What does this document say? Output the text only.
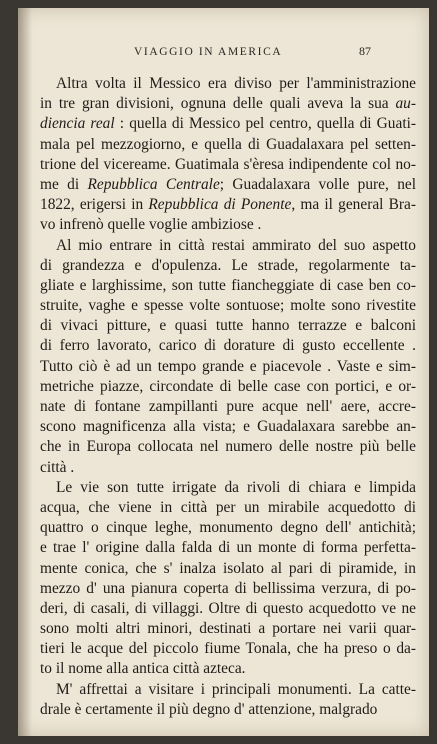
VIAGGIO IN AMERICA	87
Altra volta il Messico era diviso per l'amministrazione
in tre gran divisioni, ognuna delle quali aveva la sua au-
diencia real : quella di Messico pel centro, quella di Guati-
mala pel mezzogiorno, e quella di Guadalaxara pel setten-
trione del vicereame. Guatimala s'èresa indipendente col no-
me di Repubblica Centrale; Guadalaxara volle pure, nel
1822, erigersi in Repubblica di Ponente, ma il general Bra-
vo infrenò quelle voglie ambiziose .
Al mio entrare in città restai ammirato del suo aspetto
di grandezza e d'opulenza. Le strade, regolarmente ta-
gliate e larghissime, son tutte fiancheggiate di case ben co-
struite, vaghe e spesse volte sontuose; molte sono rivestite
di vivaci pitture, e quasi tutte hanno terrazze e balconi
di ferro lavorato, carico di dorature di gusto eccellente .
Tutto ciò è ad un tempo grande e piacevole . Vaste e sim-
metriche piazze, circondate di belle case con portici, e or-
nate di fontane zampillanti pure acque nell' aere, accre-
scono magnificenza alla vista; e Guadalaxara sarebbe an-
che in Europa collocata nel numero delle nostre più belle
città .
Le vie son tutte irrigate da rivoli di chiara e limpida
acqua, che viene in città per un mirabile acquedotto di
quattro o cinque leghe, monumento degno dell' antichità;
e trae l' origine dalla falda di un monte di forma perfetta-
mente conica, che s' inalza isolato al pari di piramide, in
mezzo d' una pianura coperta di bellissima verzura, di po-
deri, di casali, di villaggi. Oltre di questo acquedotto ve ne
sono molti altri minori, destinati a portare nei varii quar-
tieri le acque del piccolo fiume Tonala, che ha preso o da-
to il nome alla antica città azteca.
M' affrettai a visitare i principali monumenti. La catte-
drale è certamente il più degno d' attenzione, malgrado
